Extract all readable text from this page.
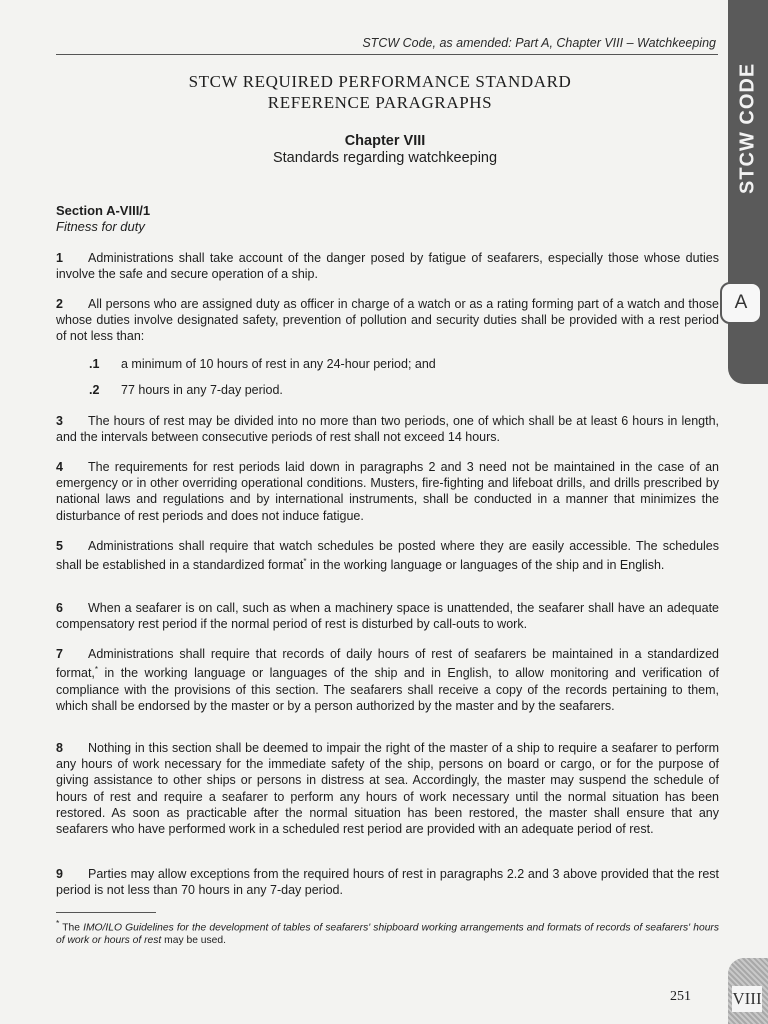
STCW Code, as amended: Part A, Chapter VIII – Watchkeeping
STCW CODE
A
VIII
STCW REQUIRED PERFORMANCE STANDARD
REFERENCE PARAGRAPHS
Chapter VIII
Standards regarding watchkeeping
Section A-VIII/1
Fitness for duty
1 Administrations shall take account of the danger posed by fatigue of seafarers, especially those whose duties involve the safe and secure operation of a ship.
2 All persons who are assigned duty as officer in charge of a watch or as a rating forming part of a watch and those whose duties involve designated safety, prevention of pollution and security duties shall be provided with a rest period of not less than:
.1 a minimum of 10 hours of rest in any 24-hour period; and
.2 77 hours in any 7-day period.
3 The hours of rest may be divided into no more than two periods, one of which shall be at least 6 hours in length, and the intervals between consecutive periods of rest shall not exceed 14 hours.
4 The requirements for rest periods laid down in paragraphs 2 and 3 need not be maintained in the case of an emergency or in other overriding operational conditions. Musters, fire-fighting and lifeboat drills, and drills prescribed by national laws and regulations and by international instruments, shall be conducted in a manner that minimizes the disturbance of rest periods and does not induce fatigue.
5 Administrations shall require that watch schedules be posted where they are easily accessible. The schedules shall be established in a standardized format* in the working language or languages of the ship and in English.
6 When a seafarer is on call, such as when a machinery space is unattended, the seafarer shall have an adequate compensatory rest period if the normal period of rest is disturbed by call-outs to work.
7 Administrations shall require that records of daily hours of rest of seafarers be maintained in a standardized format,* in the working language or languages of the ship and in English, to allow monitoring and verification of compliance with the provisions of this section. The seafarers shall receive a copy of the records pertaining to them, which shall be endorsed by the master or by a person authorized by the master and by the seafarers.
8 Nothing in this section shall be deemed to impair the right of the master of a ship to require a seafarer to perform any hours of work necessary for the immediate safety of the ship, persons on board or cargo, or for the purpose of giving assistance to other ships or persons in distress at sea. Accordingly, the master may suspend the schedule of hours of rest and require a seafarer to perform any hours of work necessary until the normal situation has been restored. As soon as practicable after the normal situation has been restored, the master shall ensure that any seafarers who have performed work in a scheduled rest period are provided with an adequate period of rest.
9 Parties may allow exceptions from the required hours of rest in paragraphs 2.2 and 3 above provided that the rest period is not less than 70 hours in any 7-day period.
* The IMO/ILO Guidelines for the development of tables of seafarers' shipboard working arrangements and formats of records of seafarers' hours of work or hours of rest may be used.
251
